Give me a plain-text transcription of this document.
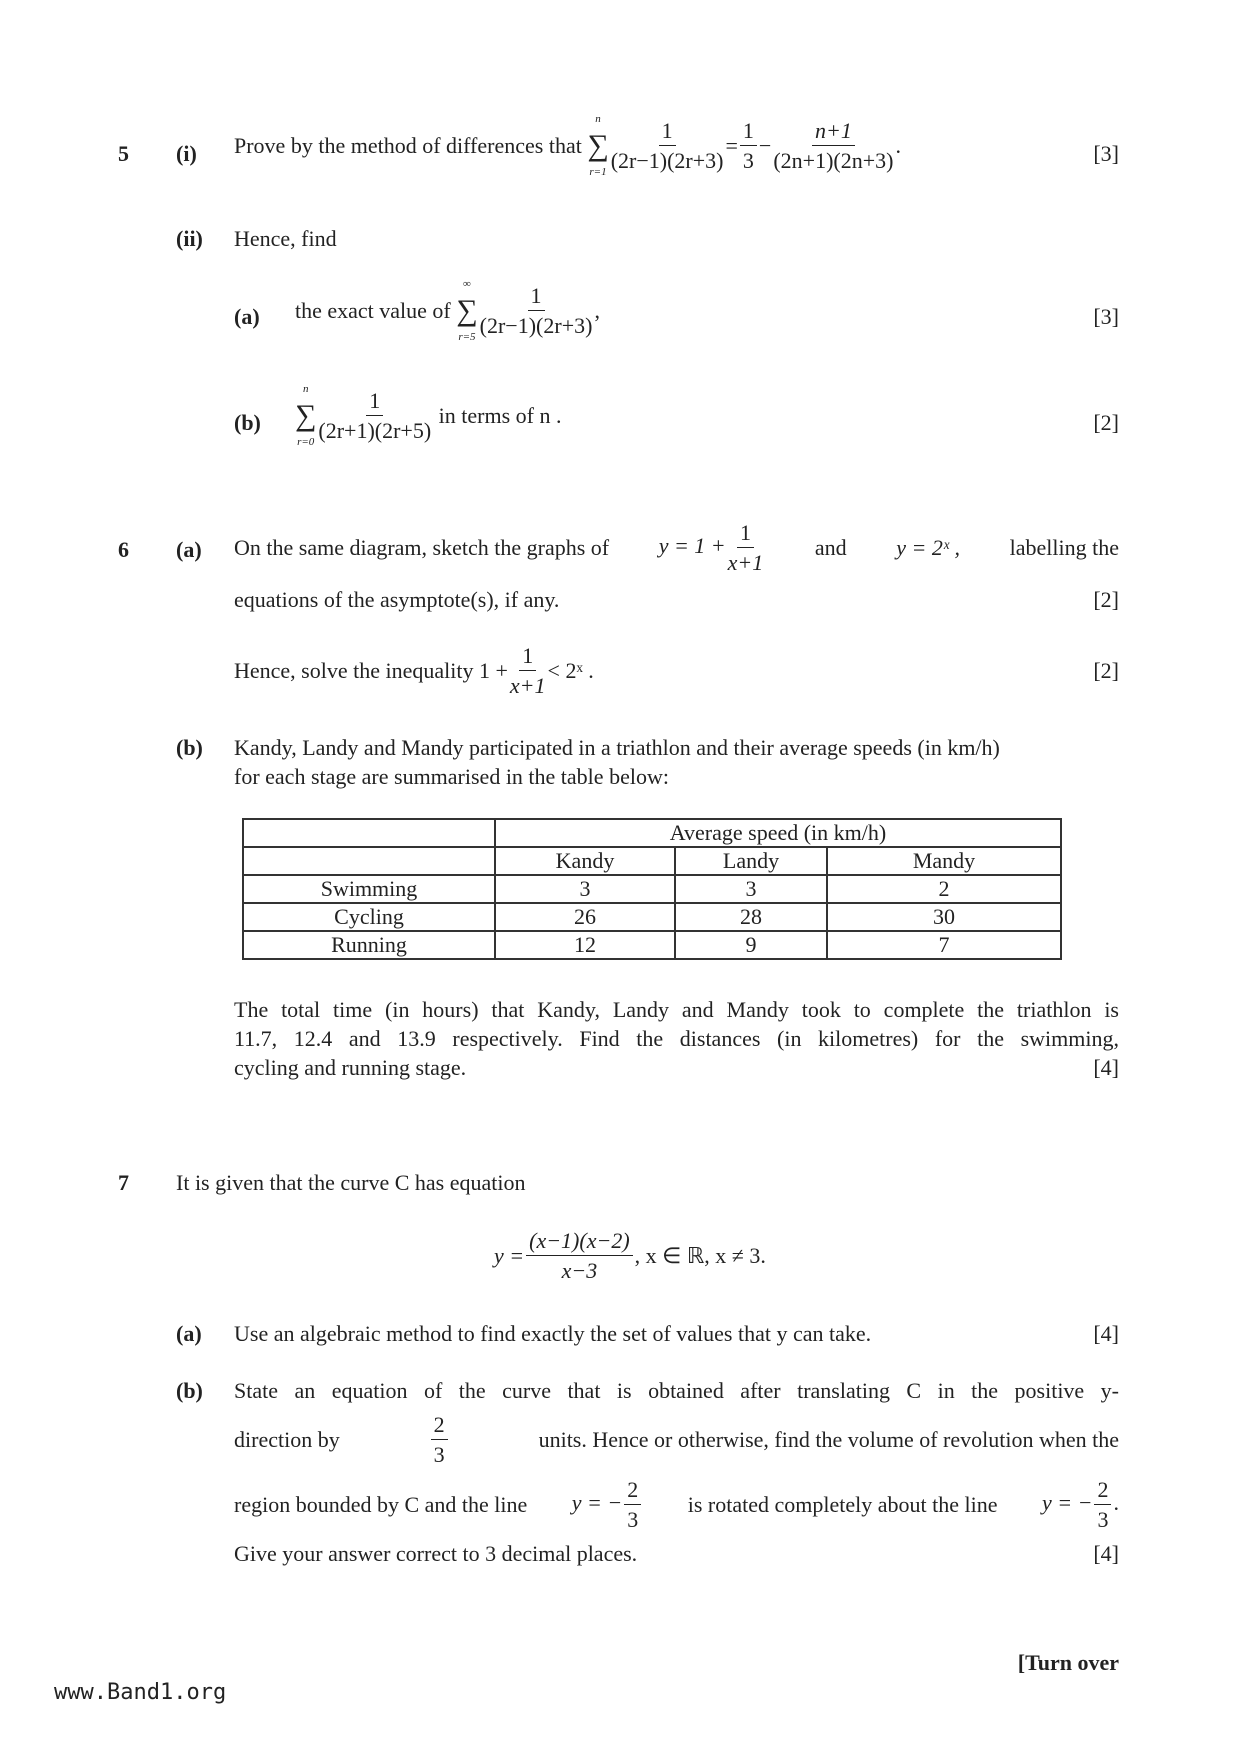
5 (i) Prove by the method of differences that

n
∑
$r=1 \frac{1}{(2r-1)(2r+3)} = \frac{1}{3} - \frac{n+1}{(2n+1)(2n+3)}$ .	[3]
(ii) Hence, find
(a) the exact value of

∞
∑
$r=5 \frac{1}{(2r-1)(2r+3)}$ ,	[3]
(b)
n
∑
$r=0 \frac{1}{(2r+1)(2r+5)}$
in terms of n .	[2]
6 (a) On the same diagram, sketch the graphs of $y = 1 + \frac{1}{x+1}$ and y = 2ˣ , labelling the
equations of the asymptote(s), if any.	[2]
Hence, solve the inequality
$1 + \frac{1}{x+1}$ < 2ˣ .	[2]
(b) Kandy, Landy and Mandy participated in a triathlon and their average speeds (in km/h)
for each stage are summarised in the table below:
	Average speed (in km/h)		
	Kandy	Landy	Mandy
Swimming	3	3	2
Cycling	26	28	30
Running	12	9	7
The total time (in hours) that Kandy, Landy and Mandy took to complete the triathlon is
11.7, 12.4 and 13.9 respectively. Find the distances (in kilometres) for the swimming,
cycling and running stage.	[4]
7 It is given that the curve C has equation
$y = \frac{(x-1)(x-2)}{x-3}$ , x ∈ ℝ, x ≠ 3.
(a) Use an algebraic method to find exactly the set of values that y can take.	[4]
(b) State an equation of the curve that is obtained after translating C in the positive y-
direction by	$\frac{2}{3}$	units. Hence or otherwise, find the volume of revolution when the
region bounded by C and the line y = − $\frac{2}{3}$ is rotated completely about the line y = − $\frac{2}{3}$ .
Give your answer correct to 3 decimal places.	[4]
[Turn over
www.Band1.org
